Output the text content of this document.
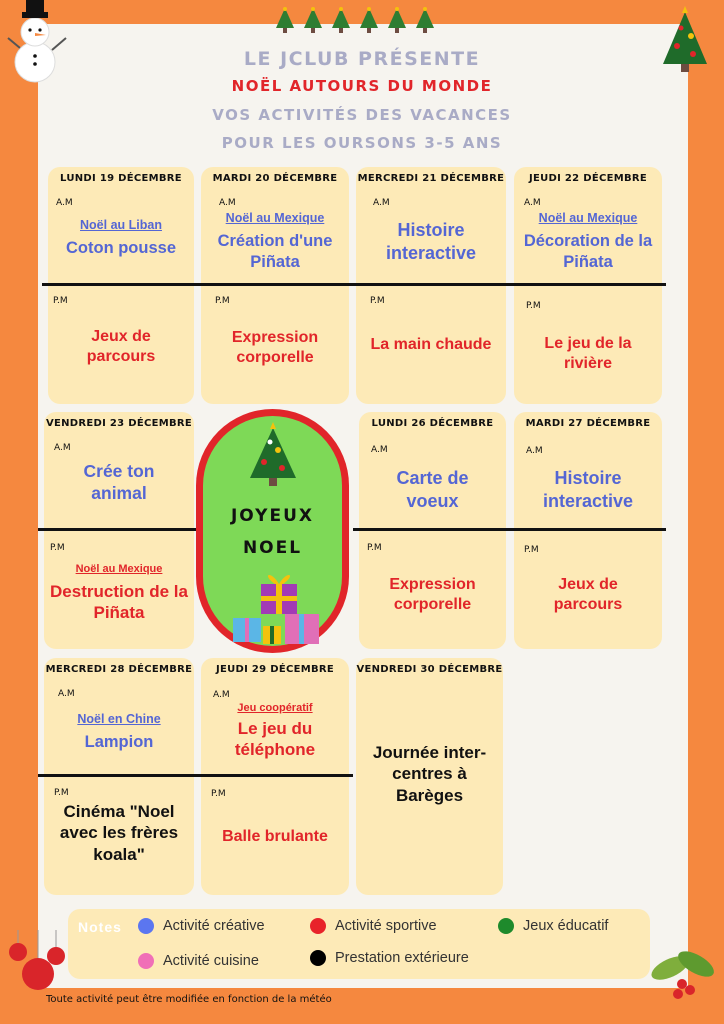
LE JCLUB PRÉSENTE
NOËL AUTOURS DU MONDE
VOS ACTIVITÉS DES VACANCES
POUR LES OURSONS 3-5 ANS
LUNDI 19 DÉCEMBRE
A.M
Noël au Liban
Coton pousse
P.M
Jeux de parcours
MARDI 20 DÉCEMBRE
A.M
Noël au Mexique
Création d'une Piñata
P.M
Expression corporelle
MERCREDI 21 DÉCEMBRE
A.M
Histoire interactive
P.M
La main chaude
JEUDI 22 DÉCEMBRE
A.M
Noël au Mexique
Décoration de la Piñata
P.M
Le jeu de la rivière
VENDREDI 23 DÉCEMBRE
A.M
Crée ton animal
P.M
Noël au Mexique
Destruction de la Piñata
JOYEUX
NOEL
LUNDI 26 DÉCEMBRE
A.M
Carte de voeux
P.M
Expression corporelle
MARDI 27 DÉCEMBRE
A.M
Histoire interactive
P.M
Jeux de parcours
MERCREDI 28 DÉCEMBRE
A.M
Noël en Chine
Lampion
P.M
Cinéma "Noel avec les frères koala"
JEUDI 29 DÉCEMBRE
A.M
Jeu coopératif
Le jeu du téléphone
P.M
Balle brulante
VENDREDI 30 DÉCEMBRE
Journée inter-centres à Barèges
Notes	Activité créative	Activité sportive	Jeux éducatif
Activité cuisine	Prestation extérieure
Toute activité peut être modifiée en fonction de la météo
